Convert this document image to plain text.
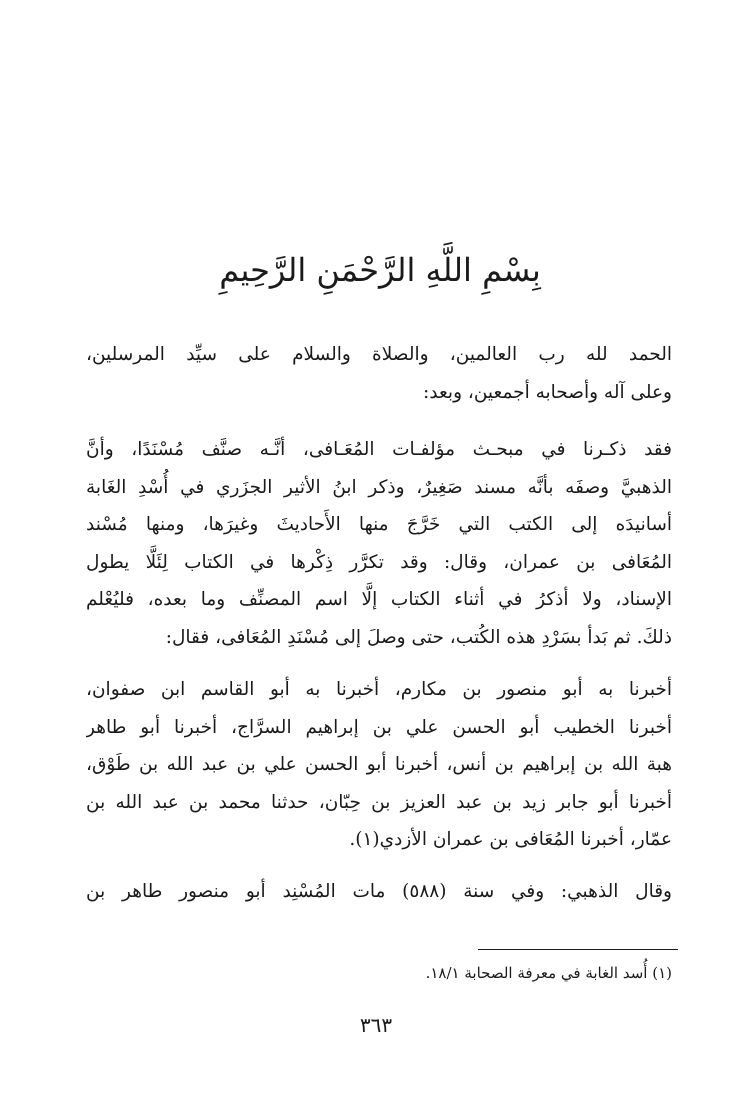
بِسْمِ اللَّهِ الرَّحْمَنِ الرَّحِيمِ
الحمد لله رب العالمين، والصلاة والسلام على سيِّد المرسلين،
وعلى آله وأصحابه أجمعين، وبعد:
فقد ذكـرنا في مبحـث مؤلفـات المُعَـافى، أنَّـه صنَّف مُسْنَدًا، وأنَّ
الذهبيَّ وصفَه بأنَّه مسند صَغِيرٌ، وذكر ابنُ الأثير الجزَري في أُسْدِ الغَابة
أسانيدَه إلى الكتب التي خَرَّجَ منها الأَحاديثَ وغيرَها، ومنها مُسْند
المُعَافى بن عمران، وقال: وقد تكرَّر ذِكْرها في الكتاب لِئَلَّا يطول
الإسناد، ولا أذكرُ في أثناء الكتاب إلَّا اسم المصنِّف وما بعده، فليُعْلم
ذلكَ. ثم بَدأ بسَرْدِ هذه الكُتب، حتى وصلَ إلى مُسْنَدِ المُعَافى، فقال:
أخبرنا به أبو منصور بن مكارم، أخبرنا به أبو القاسم ابن صفوان،
أخبرنا الخطيب أبو الحسن علي بن إبراهيم السرَّاج، أخبرنا أبو طاهر
هبة الله بن إبراهيم بن أنس، أخبرنا أبو الحسن علي بن عبد الله بن طَوْق،
أخبرنا أبو جابر زيد بن عبد العزيز بن حِبّان، حدثنا محمد بن عبد الله بن
عمّار، أخبرنا المُعَافى بن عمران الأزدي(١).
وقال الذهبي: وفي سنة (٥٨٨) مات المُسْنِد أبو منصور طاهر بن
(١) أُسد الغابة في معرفة الصحابة ١٨/١.
٣٦٣
